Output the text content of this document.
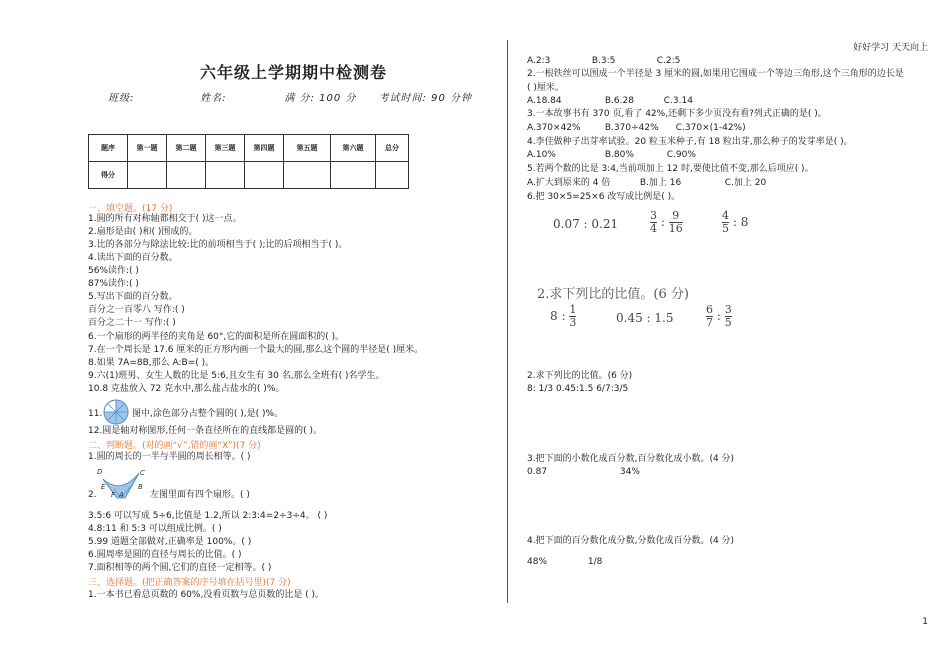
好好学习 天天向上
六年级上学期期中检测卷
班级:	姓名:	满 分: 100 分 考试时间: 90 分钟
题序	第一题	第二题	第三题	第四题	第五题	第六题	总分
得分							
一、填空题。(17 分)
1.圆的所有对称轴都相交于( )这一点。
2.扇形是由( )和( )围成的。
3.比的各部分与除法比较:比的前项相当于( );比的后项相当于( )。
4.读出下面的百分数。
56%读作:( )
87%读作:( )
5.写出下面的百分数。
百分之一百零八 写作:( )
百分之二十一 写作:( )
6.一个扇形的两半径的夹角是 60°,它的面积是所在圆面积的( )。
7.在一个周长是 17.6 厘米的正方形内画一个最大的圆,那么这个圆的半径是( )厘米。
8.如果 7A=8B,那么 A:B=( )。
9.六(1)班男、女生人数的比是 5:6,且女生有 30 名,那么全班有( )名学生。
10.8 克盐放入 72 克水中,那么盐占盐水的( )%。
11.	图中,涂色部分占整个圆的( ),是( )%。
12.圆是轴对称图形,任何一条直径所在的直线都是圆的( )。
二、判断题。(对的画“√”,错的画“X”)(7 分)
1.圆的周长的一半与半圆的周长相等。( )
2.
D	C
E
F A
B
左图里面有四个扇形。( )
3.5:6 可以写成 5÷6,比值是 1.2,所以 2:3:4=2÷3÷4。 ( )
4.8:11 和 5:3 可以组成比例。( )
5.99 道题全部做对,正确率是 100%。( )
6.圆周率是圆的直径与周长的比值。( )
7.面积相等的两个圆,它们的直径一定相等。( )
三、选择题。(把正确答案的序号填在括号里)(7 分)
1.一本书已看总页数的 60%,没看页数与总页数的比是 ( )。
A.2:3	B.3:5	C.2:5
2.一根铁丝可以围成一个半径是 3 厘米的圆,如果用它围成一个等边三角形,这个三角形的边长是
( )厘米。
A.18.84	B.6.28	C.3.14
3.一本故事书有 370 页,看了 42%,还剩下多少页没有看?列式正确的是( )。
A.370×42%	B.370÷42% C.370×(1-42%)
4.李佳做种子出芽率试验。20 粒玉米种子,有 18 粒出芽,那么种子的发芽率是( )。
A.10%	B.80%	C.90%
5.若两个数的比是 3:4,当前项加上 12 时,要使比值不变,那么后项应( )。
A.扩大到原来的 4 倍	B.加上 16	C.加上 20
6.把 30×5=25×6 改写成比例是( )。
0.07 : 0.21	$\frac{3}{4}$ : $\frac{9}{16}$	$\frac{4}{5}$ : 8
2.求下列比的比值。(6 分)
8 : $\frac{1}{3}$	0.45 : 1.5	$\frac{6}{7}$ : $\frac{3}{5}$
2.求下列比的比值。(6 分)
8: 1/3 0.45:1.5 6/7:3/5
3.把下面的小数化成百分数,百分数化成小数。(4 分)
0.87	34%
4.把下面的百分数化成分数,分数化成百分数。(4 分)
48%	1/8
1
